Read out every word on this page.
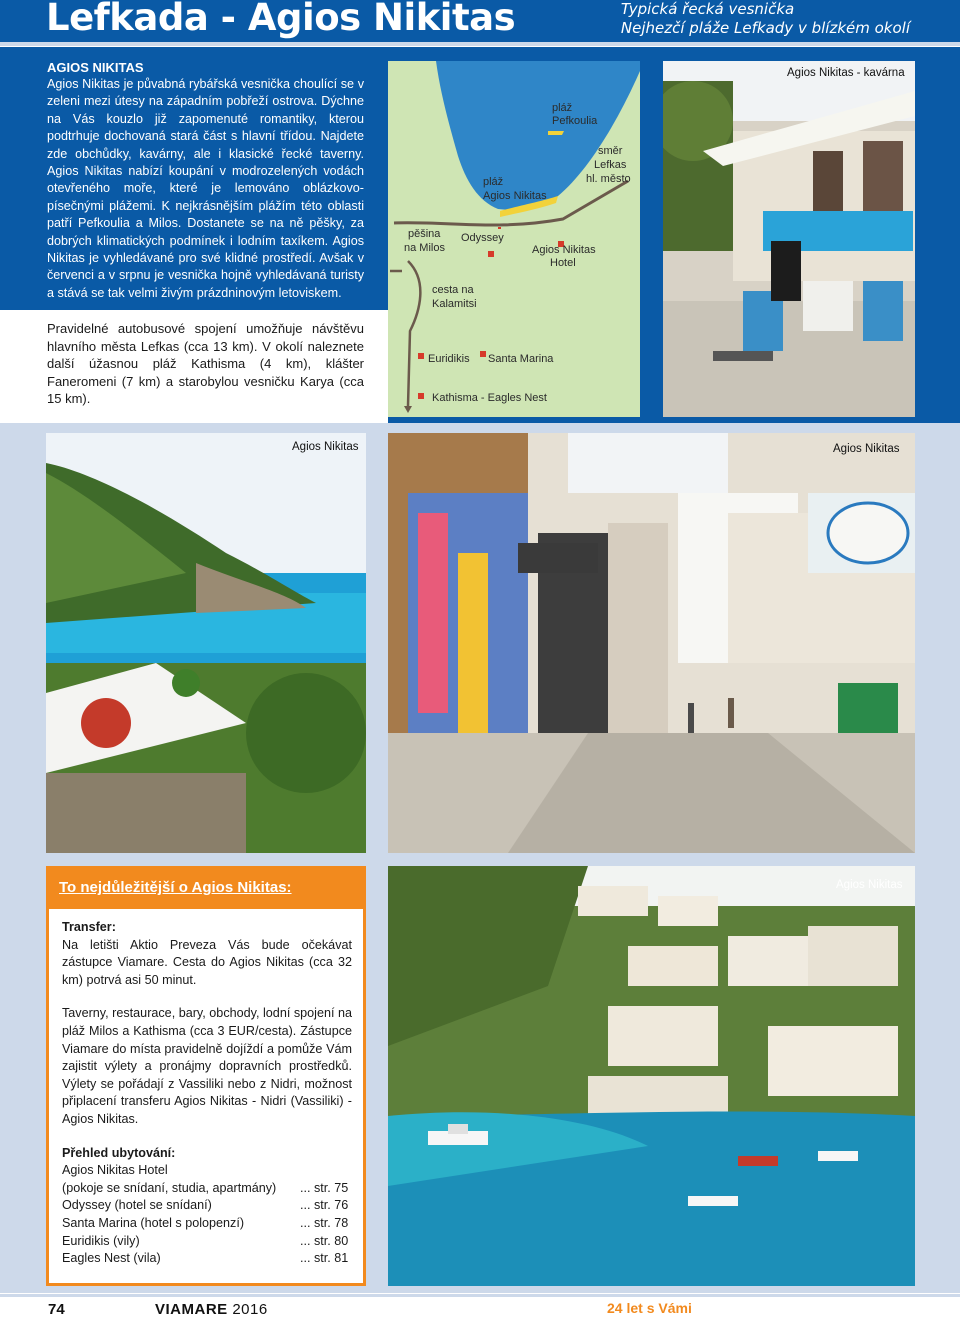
Lefkada - Agios Nikitas	Typická řecká vesnička
Nejhezčí pláže Lefkady v blízkém okolí
AGIOS NIKITAS
Agios Nikitas je půvabná rybářská vesnička choulící se v zeleni mezi útesy na západním pobřeží ostrova. Dýchne na Vás kouzlo již zapomenuté romantiky, kterou podtrhuje dochovaná stará část s hlavní třídou. Najdete zde obchůdky, kavárny, ale i klasické řecké taverny. Agios Nikitas nabízí koupání v modrozelených vodách otevřeného moře, které je lemováno oblázkovo-písečnými plážemi. K nejkrásnějším plážím této oblasti patří Pefkoulia a Milos. Dostanete se na ně pěšky, za dobrých klimatických podmínek i lodním taxíkem. Agios Nikitas je vyhledávané pro své klidné prostředí. Avšak v červenci a v srpnu je vesnička hojně vyhledávaná turisty a stává se tak velmi živým prázdninovým letoviskem.
Pravidelné autobusové spojení umožňuje návštěvu hlavního města Lefkas (cca 13 km). V okolí naleznete další úžasnou pláž Kathisma (4 km), klášter Faneromeni (7 km) a starobylou vesničku Karya (cca 15 km).
pláž
Pefkoulia
směr
Lefkas
hl. město
pláž
Agios Nikitas
pěšina
na Milos
Odyssey
Agios Nikitas
Hotel
cesta na
Kalamitsi
Euridikis Santa Marina
Kathisma - Eagles Nest
Agios Nikitas - kavárna
Agios Nikitas	Agios Nikitas
To nejdůležitější o Agios Nikitas:

Transfer:
Na letišti Aktio Preveza Vás bude očekávat zástupce Viamare. Cesta do Agios Nikitas (cca 32 km) potrvá asi 50 minut.

Taverny, restaurace, bary, obchody, lodní spojení na pláž Milos a Kathisma (cca 3 EUR/cesta). Zástupce Viamare do místa pravidelně dojíždí a pomůže Vám zajistit výlety a pronájmy dopravních prostředků. Výlety se pořádají z Vassiliki nebo z Nidri, možnost připlacení transferu Agios Nikitas - Nidri (Vassiliki) - Agios Nikitas.

Přehled ubytování:
Agios Nikitas Hotel
(pokoje se snídaní, studia, apartmány) ... str. 75
Odyssey (hotel se snídaní)	... str. 76
Santa Marina (hotel s polopenzí)	... str. 78
Euridikis (vily)	... str. 80
Eagles Nest (vila)	... str. 81
Agios Nikitas
74	VIAMARE 2016	24 let s Vámi
